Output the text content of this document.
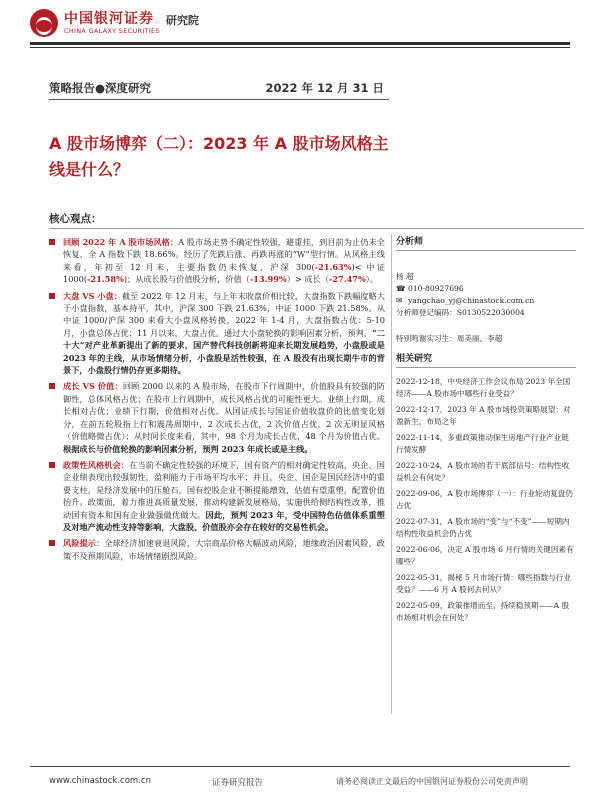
中国银河证券
CHINA GALAXY SECURITIES
研究院
策略报告●深度研究	2022 年 12 月 31 日
A 股市场博弈（二）：2023 年 A 股市场风格主线是什么？
核心观点：
回顾 2022 年 A 股市场风格：A 股市场走势不确定性较强，避重挂，到目前为止仍未全恢复，全 A 指数下跌 18.66%。经历了先跌后涨、再跌再涨的“W”型行情。从风格主线来看，年初至 12 月末，主要指数仍未恢复，沪深 300(-21.63%)< 中证 1000(-21.58%)；从成长股与价值股分析，价值（-13.99%）> 成长（-27.47%）。
大盘 VS 小盘：截至 2022 年 12 月末，与上年末收盘价相比较，大盘指数下跌幅度略大于小盘指数，基本持平，其中，沪深 300 下跌 21.63%，中证 1000 下跌 21.58%。从中证 1000/沪深 300 来看大小盘风格转换，2022 年 1-4 月，大盘指数占优：5-10 月，小盘总体占优；11 月以来，大盘占优。通过大小盘轮换的影响因素分析，预判，“二十大”对产业革新提出了新的要求，国产替代科技创新将迎来长期发展趋势，小盘股或是 2023 年的主线，从市场情绪分析，小盘股是活性较强，在 A 股没有出现长期牛市的背景下，小盘股行情仍存更多期待。
成长 VS 价值：回顾 2000 以来的 A 股市场，在股市下行周期中，价值股具有较强的防御性，总体风格占优；在股市上行周期中，成长风格占优的可能性更大。业绩上行期，成长相对占优；业绩下行期，价值相对占优。从国证成长与国证价值收盘价的比值变化划分，在前五轮股指上行和震荡周期中，2 次成长占优，2 次价值占优，2 次无明显风格（价值略微占优）；从时间长度来看，其中，98 个月为成长占优，48 个月为价值占优。根据成长与价值轮换的影响因素分析，预判 2023 年成长或是主线。
政策性风格机会：在当前不确定性较强的环境下，国有资产的相对确定性较高，央企、国企业绩表现出较强韧性，盈利能力于市场平均水平；并且，央企、国企是国民经济中的重要支柱，是经济发展中的压舱石，国有控股企业不断提能增效，估值有望重塑，配置价值抬升。政策面，着力推进高质量发展，推动构建新发展格局，实施供给侧结构性改革，推动国有资本和国有企业做强做优做大。因此，预判 2023 年，受中国特色估值体系重塑及对地产流动性支持等影响，大盘股、价值股亦会存在较好的交易性机会。
风险提示：全球经济加速衰退风险，大宗商品价格大幅波动风险，地缘政治因素风险，政策不及预期风险，市场情绪剧烈风险。
分析师
杨 超
☎ 010-80927696
✉ yangchao_yj@chinastock.com.cn
分析师登记编码：S0130522030004
特别鸣谢实习生：周美丽、李超
相关研究
2022-12-18，中央经济工作会议布局 2023 年全国经济——A 股市场中哪些行业受益？
2022-12-17，2023 年 A 股市场投资策略展望：对盈新生，布局之年
2022-11-14，多重政策推动保生房地产行业产业链行情发酵
2022-10-24，A 股市场的若干底部信号：结构性收益机会有何处？
2022-09-06，A 股市场博弈（一）：行业轮动复盘仍占优
2022-07-31，A 股市场的“变”与“不变”——短期内结构性收益机会仍占优
2022-06-06，决定 A 股市场 6 月行情的关键因素有哪些？
2022-05-31，揭秘 5 月市场行情：哪些指数与行业受益？——6 月 A 股何去何从？
2022-05-09，政策推增而至，持续稳预期——A 股市场相对机会在何处？
www.chinastock.com.cn	证券研究报告	请务必阅读正文最后的中国银河证券股份公司免责声明
